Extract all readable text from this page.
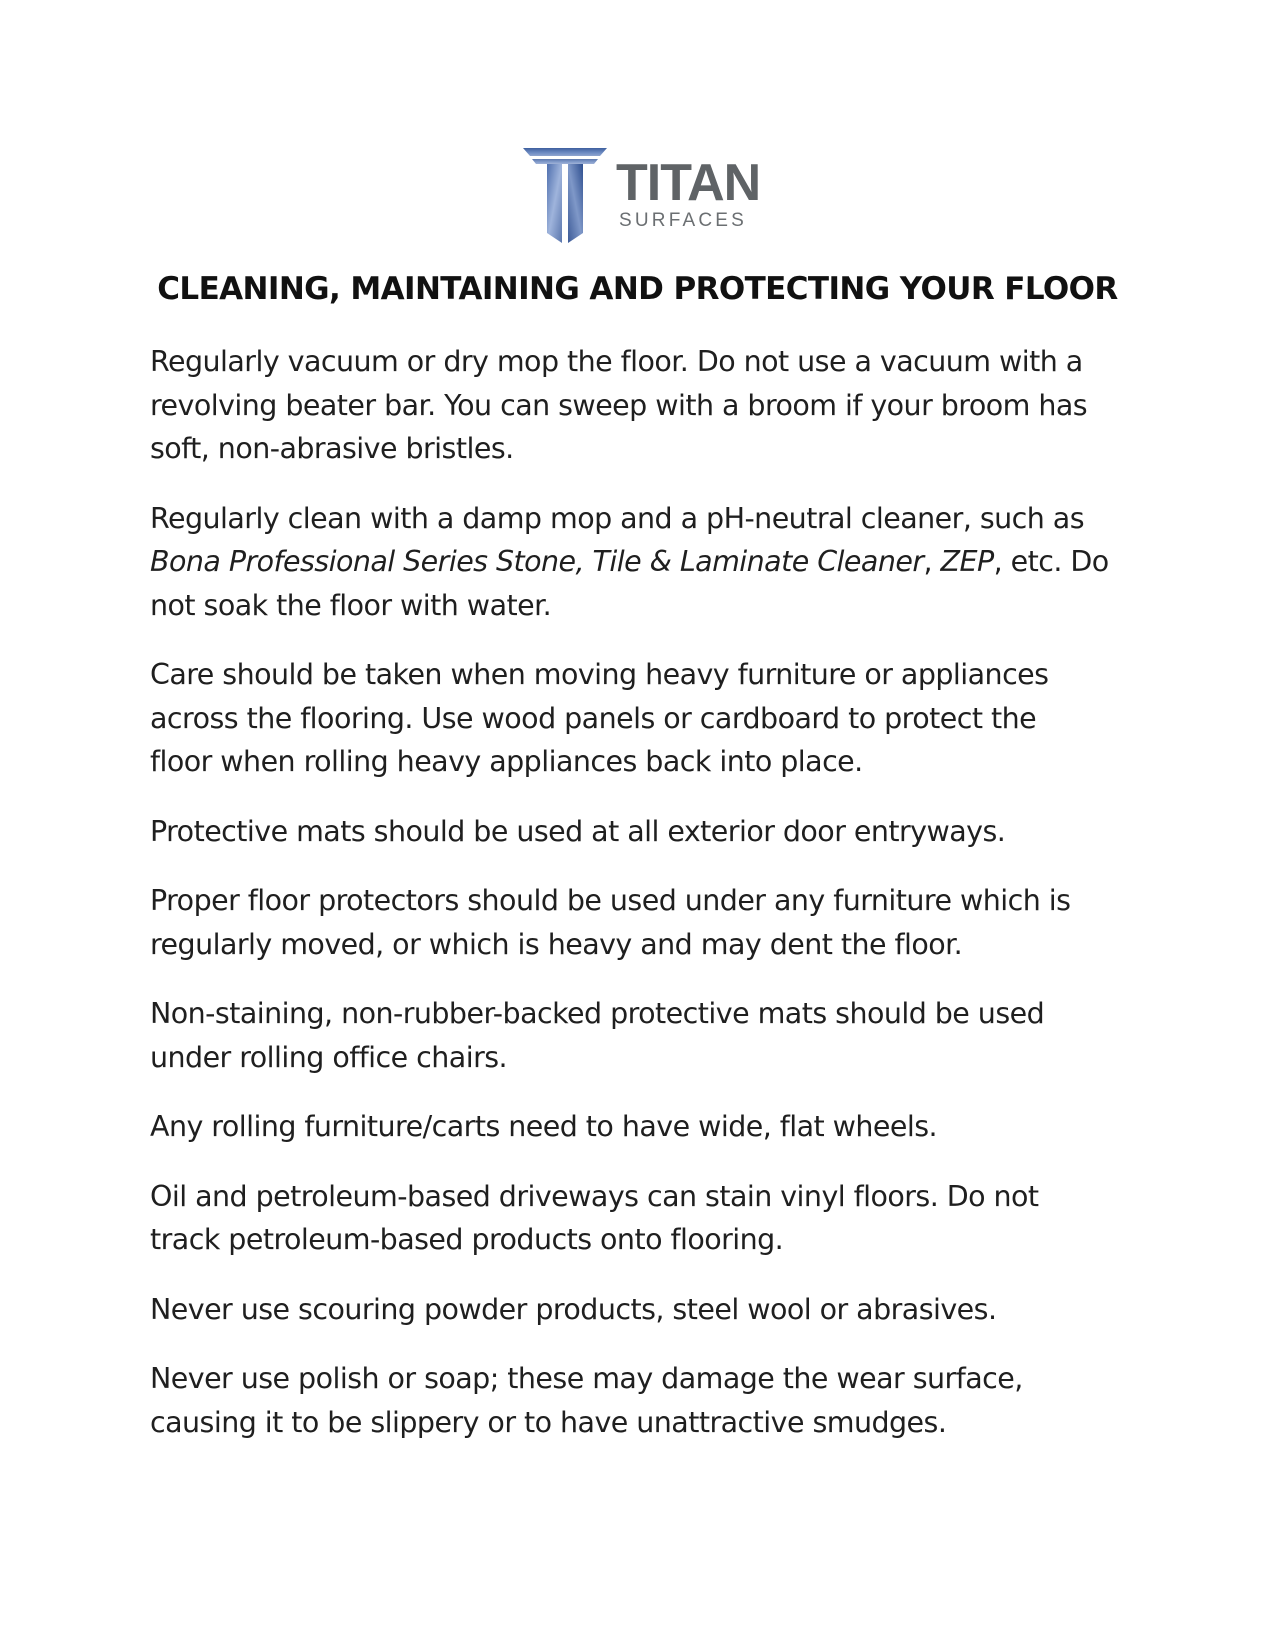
TITAN
SURFACES
CLEANING, MAINTAINING AND PROTECTING YOUR FLOOR

Regularly vacuum or dry mop the floor. Do not use a vacuum with a
revolving beater bar. You can sweep with a broom if your broom has
soft, non-abrasive bristles.

Regularly clean with a damp mop and a pH-neutral cleaner, such as
Bona Professional Series Stone, Tile & Laminate Cleaner, ZEP, etc. Do
not soak the floor with water.

Care should be taken when moving heavy furniture or appliances
across the flooring. Use wood panels or cardboard to protect the
floor when rolling heavy appliances back into place.

Protective mats should be used at all exterior door entryways.

Proper floor protectors should be used under any furniture which is
regularly moved, or which is heavy and may dent the floor.

Non-staining, non-rubber-backed protective mats should be used
under rolling office chairs.

Any rolling furniture/carts need to have wide, flat wheels.

Oil and petroleum-based driveways can stain vinyl floors. Do not
track petroleum-based products onto flooring.

Never use scouring powder products, steel wool or abrasives.

Never use polish or soap; these may damage the wear surface,
causing it to be slippery or to have unattractive smudges.
